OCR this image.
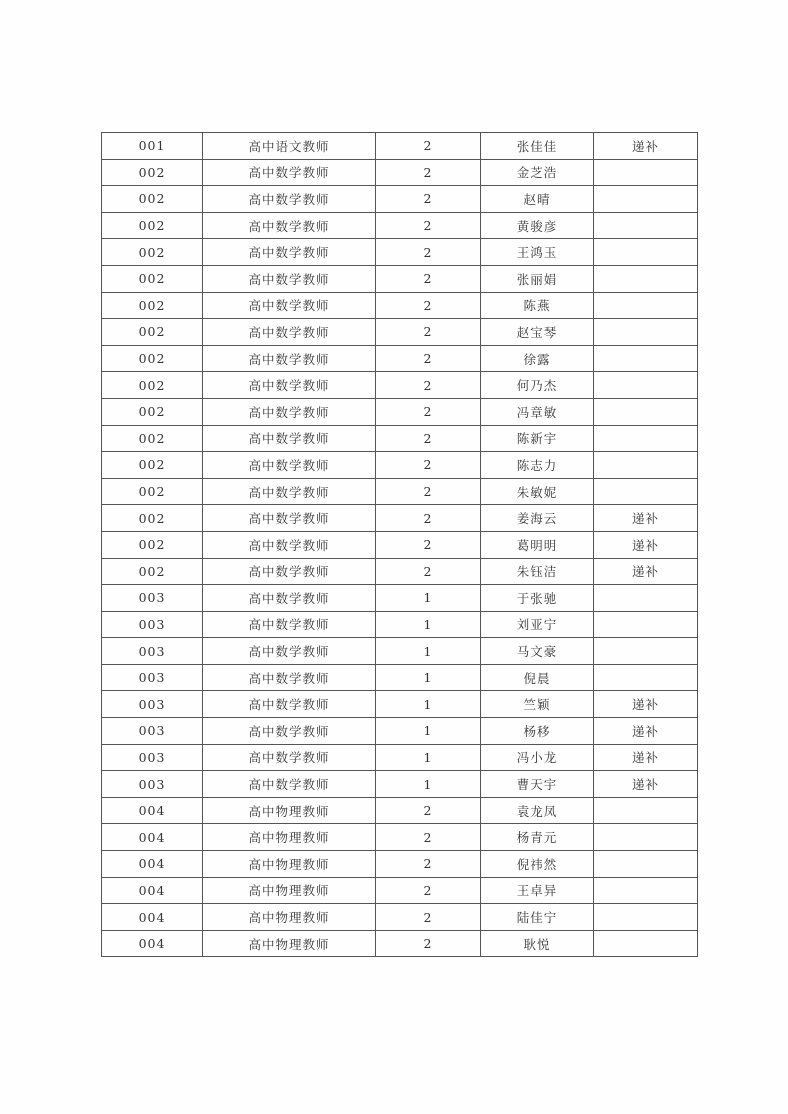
001	高中语文教师	2	张佳佳	递补
002	高中数学教师	2	金芝浩	
002	高中数学教师	2	赵晴	
002	高中数学教师	2	黄骏彦	
002	高中数学教师	2	王鸿玉	
002	高中数学教师	2	张丽娟	
002	高中数学教师	2	陈燕	
002	高中数学教师	2	赵宝琴	
002	高中数学教师	2	徐露	
002	高中数学教师	2	何乃杰	
002	高中数学教师	2	冯章敏	
002	高中数学教师	2	陈新宇	
002	高中数学教师	2	陈志力	
002	高中数学教师	2	朱敏妮	
002	高中数学教师	2	姜海云	递补
002	高中数学教师	2	葛明明	递补
002	高中数学教师	2	朱钰洁	递补
003	高中数学教师	1	于张驰	
003	高中数学教师	1	刘亚宁	
003	高中数学教师	1	马文豪	
003	高中数学教师	1	倪晨	
003	高中数学教师	1	竺颖	递补
003	高中数学教师	1	杨移	递补
003	高中数学教师	1	冯小龙	递补
003	高中数学教师	1	曹天宇	递补
004	高中物理教师	2	袁龙凤	
004	高中物理教师	2	杨青元	
004	高中物理教师	2	倪祎然	
004	高中物理教师	2	王卓异	
004	高中物理教师	2	陆佳宁	
004	高中物理教师	2	耿悦	
